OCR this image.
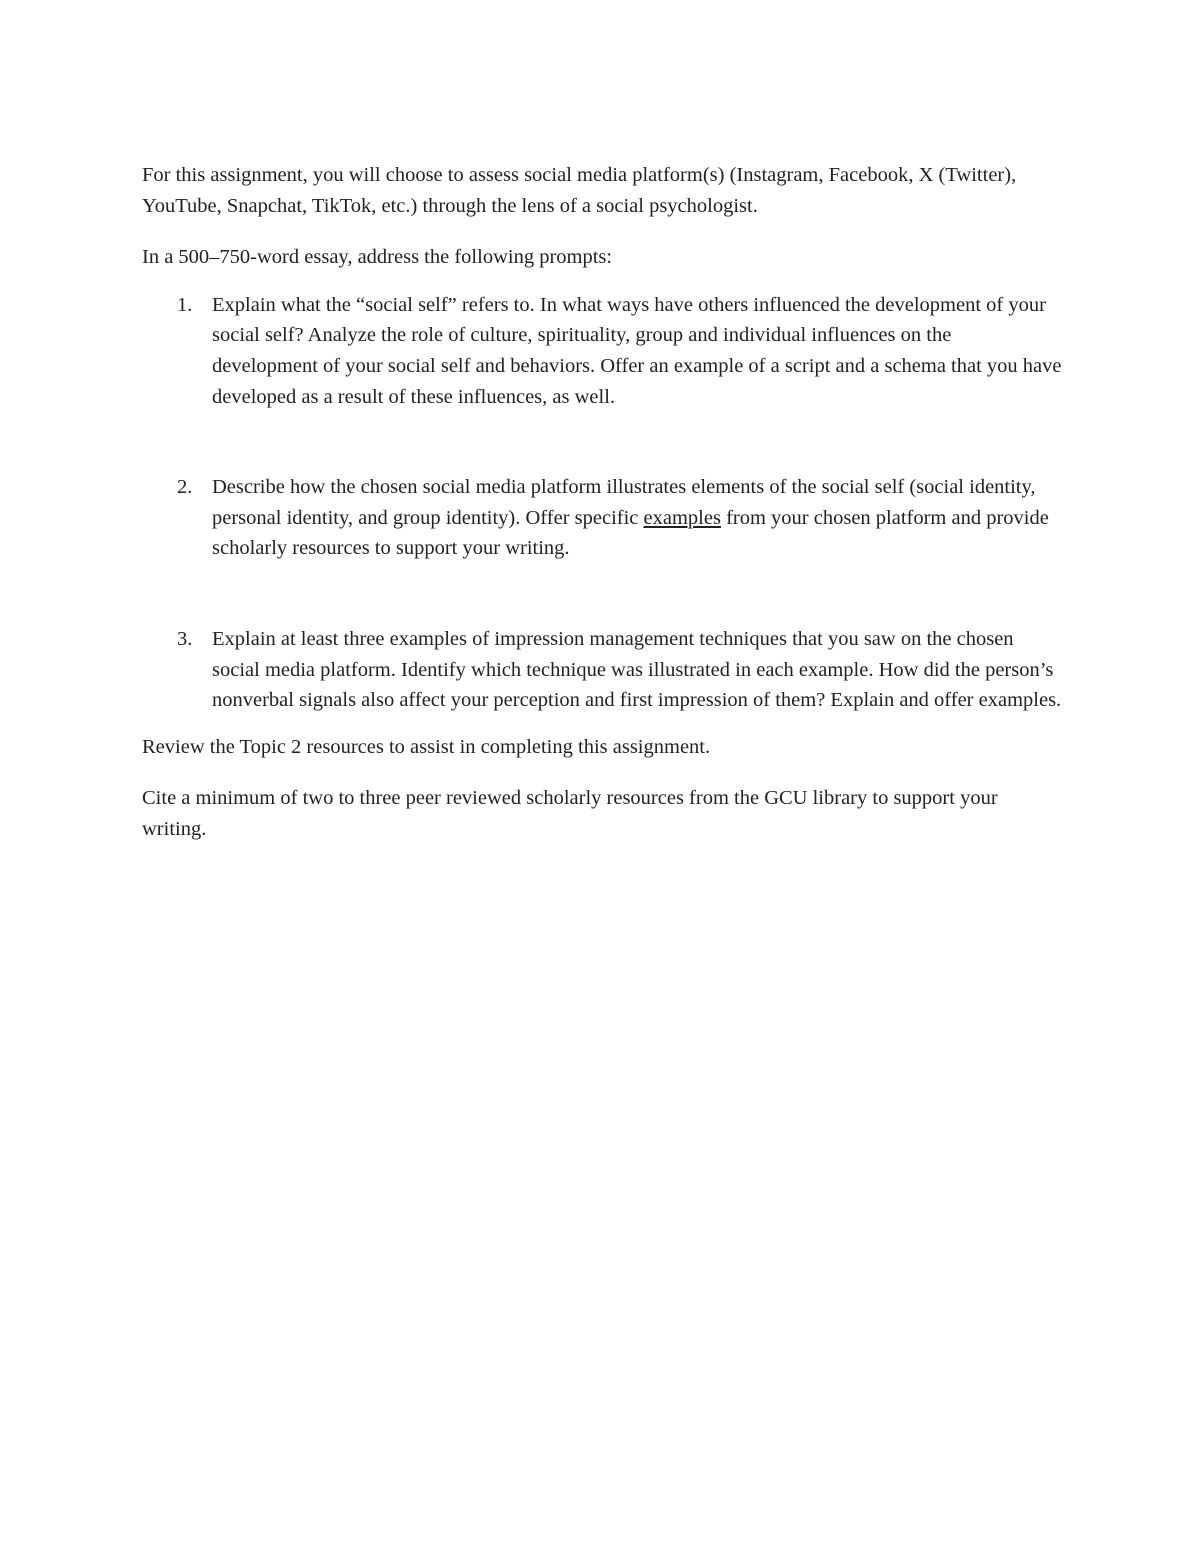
For this assignment, you will choose to assess social media platform(s) (Instagram, Facebook, X (Twitter), YouTube, Snapchat, TikTok, etc.) through the lens of a social psychologist.

In a 500–750-word essay, address the following prompts:

1. Explain what the “social self” refers to. In what ways have others influenced the development of your social self? Analyze the role of culture, spirituality, group and individual influences on the development of your social self and behaviors. Offer an example of a script and a schema that you have developed as a result of these influences, as well.
2. Describe how the chosen social media platform illustrates elements of the social self (social identity, personal identity, and group identity). Offer specific examples from your chosen platform and provide scholarly resources to support your writing.
3. Explain at least three examples of impression management techniques that you saw on the chosen social media platform. Identify which technique was illustrated in each example. How did the person’s nonverbal signals also affect your perception and first impression of them? Explain and offer examples.

Review the Topic 2 resources to assist in completing this assignment.

Cite a minimum of two to three peer reviewed scholarly resources from the GCU library to support your writing.
